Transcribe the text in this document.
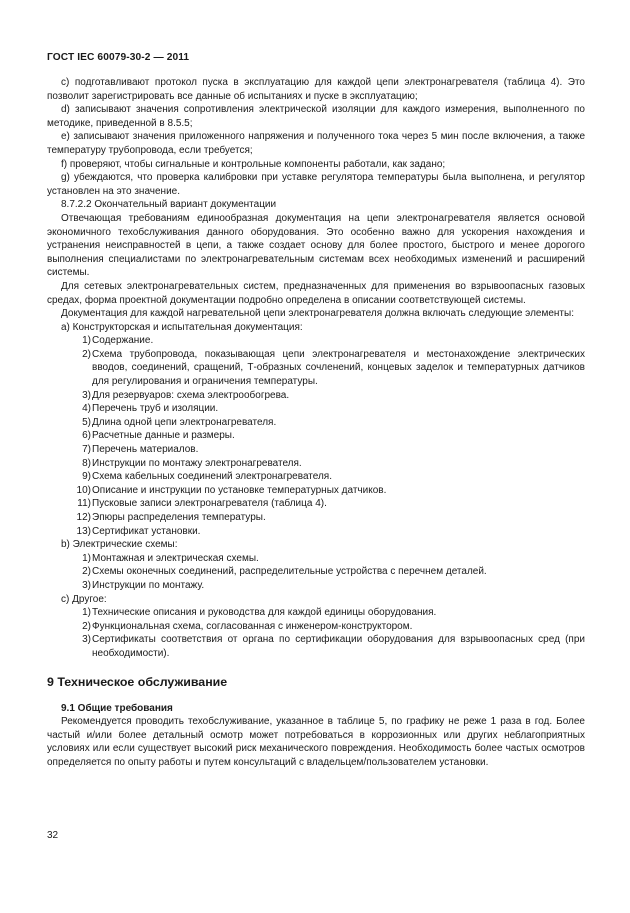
ГОСТ IEC 60079-30-2 — 2011

c) подготавливают протокол пуска в эксплуатацию для каждой цепи электронагревателя (таблица 4). Это позволит зарегистрировать все данные об испытаниях и пуске в эксплуатацию;

d) записывают значения сопротивления электрической изоляции для каждого измерения, выполненного по методике, приведенной в 8.5.5;

e) записывают значения приложенного напряжения и полученного тока через 5 мин после включения, а также температуру трубопровода, если требуется;

f) проверяют, чтобы сигнальные и контрольные компоненты работали, как задано;

g) убеждаются, что проверка калибровки при уставке регулятора температуры была выполнена, и регулятор установлен на это значение.

8.7.2.2 Окончательный вариант документации

Отвечающая требованиям единообразная документация на цепи электронагревателя является основой экономичного техобслуживания данного оборудования. Это особенно важно для ускорения нахождения и устранения неисправностей в цепи, а также создает основу для более простого, быстрого и менее дорогого выполнения специалистами по электронагревательным системам всех необходимых изменений и расширений системы.

Для сетевых электронагревательных систем, предназначенных для применения во взрывоопасных газовых средах, форма проектной документации подробно определена в описании соответствующей системы.

Документация для каждой нагревательной цепи электронагревателя должна включать следующие элементы:

a) Конструкторская и испытательная документация:

1) Содержание.

2) Схема трубопровода, показывающая цепи электронагревателя и местонахождение электрических вводов, соединений, сращений, Т-образных сочленений, концевых заделок и температурных датчиков для регулирования и ограничения температуры.

3) Для резервуаров: схема электрообогрева.

4) Перечень труб и изоляции.

5) Длина одной цепи электронагревателя.

6) Расчетные данные и размеры.

7) Перечень материалов.

8) Инструкции по монтажу электронагревателя.

9) Схема кабельных соединений электронагревателя.

10) Описание и инструкции по установке температурных датчиков.

11) Пусковые записи электронагревателя (таблица 4).

12) Эпюры распределения температуры.

13) Сертификат установки.

b) Электрические схемы:

1) Монтажная и электрическая схемы.

2) Схемы оконечных соединений, распределительные устройства с перечнем деталей.

3) Инструкции по монтажу.

c) Другое:

1) Технические описания и руководства для каждой единицы оборудования.

2) Функциональная схема, согласованная с инженером-конструктором.

3) Сертификаты соответствия от органа по сертификации оборудования для взрывоопасных сред (при необходимости).

9 Техническое обслуживание

9.1 Общие требования

Рекомендуется проводить техобслуживание, указанное в таблице 5, по графику не реже 1 раза в год. Более частый и/или более детальный осмотр может потребоваться в коррозионных или других неблагоприятных условиях или если существует высокий риск механического повреждения. Необходимость более частых осмотров определяется по опыту работы и путем консультаций с владельцем/пользователем установки.

32
